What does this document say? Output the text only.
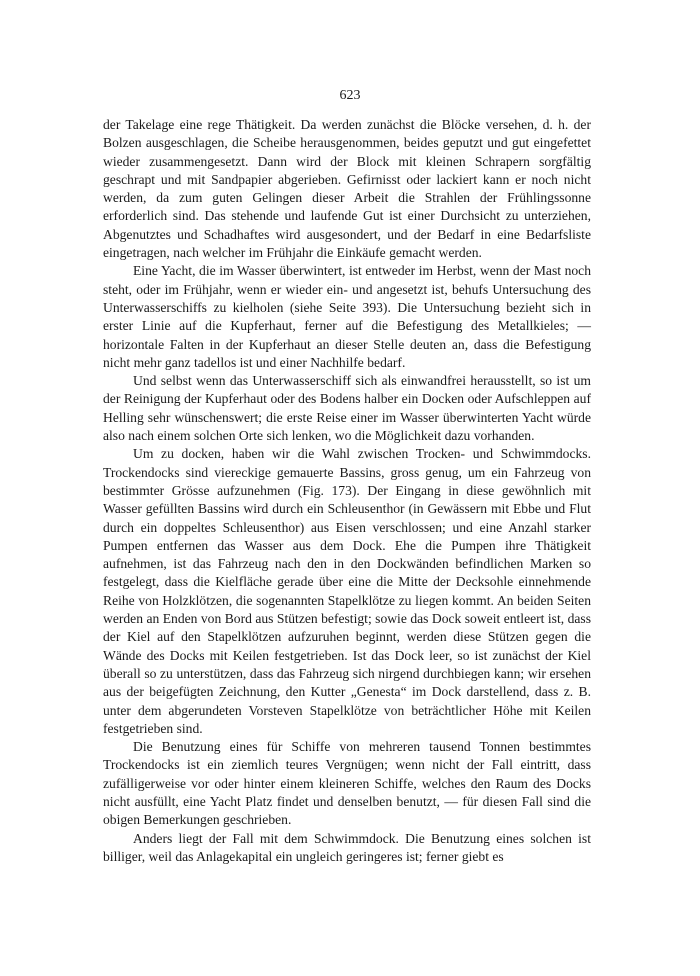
623

der Takelage eine rege Thätigkeit. Da werden zunächst die Blöcke versehen, d. h. der Bolzen ausgeschlagen, die Scheibe herausgenommen, beides geputzt und gut eingefettet wieder zusammengesetzt. Dann wird der Block mit kleinen Schrapern sorgfältig geschrapt und mit Sandpapier abgerieben. Gefirnisst oder lackiert kann er noch nicht werden, da zum guten Gelingen dieser Arbeit die Strahlen der Frühlingssonne erforderlich sind. Das stehende und laufende Gut ist einer Durchsicht zu unterziehen, Abgenutztes und Schadhaftes wird ausgesondert, und der Bedarf in eine Bedarfsliste eingetragen, nach welcher im Frühjahr die Einkäufe gemacht werden.

Eine Yacht, die im Wasser überwintert, ist entweder im Herbst, wenn der Mast noch steht, oder im Frühjahr, wenn er wieder ein- und angesetzt ist, behufs Untersuchung des Unterwasserschiffs zu kielholen (siehe Seite 393). Die Untersuchung bezieht sich in erster Linie auf die Kupferhaut, ferner auf die Befestigung des Metallkieles; — horizontale Falten in der Kupferhaut an dieser Stelle deuten an, dass die Befestigung nicht mehr ganz tadellos ist und einer Nachhilfe bedarf.

Und selbst wenn das Unterwasserschiff sich als einwandfrei herausstellt, so ist um der Reinigung der Kupferhaut oder des Bodens halber ein Docken oder Aufschleppen auf Helling sehr wünschenswert; die erste Reise einer im Wasser überwinterten Yacht würde also nach einem solchen Orte sich lenken, wo die Möglichkeit dazu vorhanden.

Um zu docken, haben wir die Wahl zwischen Trocken- und Schwimmdocks. Trockendocks sind viereckige gemauerte Bassins, gross genug, um ein Fahrzeug von bestimmter Grösse aufzunehmen (Fig. 173). Der Eingang in diese gewöhnlich mit Wasser gefüllten Bassins wird durch ein Schleusenthor (in Gewässern mit Ebbe und Flut durch ein doppeltes Schleusenthor) aus Eisen verschlossen; und eine Anzahl starker Pumpen entfernen das Wasser aus dem Dock. Ehe die Pumpen ihre Thätigkeit aufnehmen, ist das Fahrzeug nach den in den Dockwänden befindlichen Marken so festgelegt, dass die Kielfläche gerade über eine die Mitte der Decksohle einnehmende Reihe von Holzklötzen, die sogenannten Stapelklötze zu liegen kommt. An beiden Seiten werden an Enden von Bord aus Stützen befestigt; sowie das Dock soweit entleert ist, dass der Kiel auf den Stapelklötzen aufzuruhen beginnt, werden diese Stützen gegen die Wände des Docks mit Keilen festgetrieben. Ist das Dock leer, so ist zunächst der Kiel überall so zu unterstützen, dass das Fahrzeug sich nirgend durchbiegen kann; wir ersehen aus der beigefügten Zeichnung, den Kutter „Genesta“ im Dock darstellend, dass z. B. unter dem abgerundeten Vorsteven Stapelklötze von beträchtlicher Höhe mit Keilen festgetrieben sind.

Die Benutzung eines für Schiffe von mehreren tausend Tonnen bestimmtes Trockendocks ist ein ziemlich teures Vergnügen; wenn nicht der Fall eintritt, dass zufälligerweise vor oder hinter einem kleineren Schiffe, welches den Raum des Docks nicht ausfüllt, eine Yacht Platz findet und denselben benutzt, — für diesen Fall sind die obigen Bemerkungen geschrieben.

Anders liegt der Fall mit dem Schwimmdock. Die Benutzung eines solchen ist billiger, weil das Anlagekapital ein ungleich geringeres ist; ferner giebt es
